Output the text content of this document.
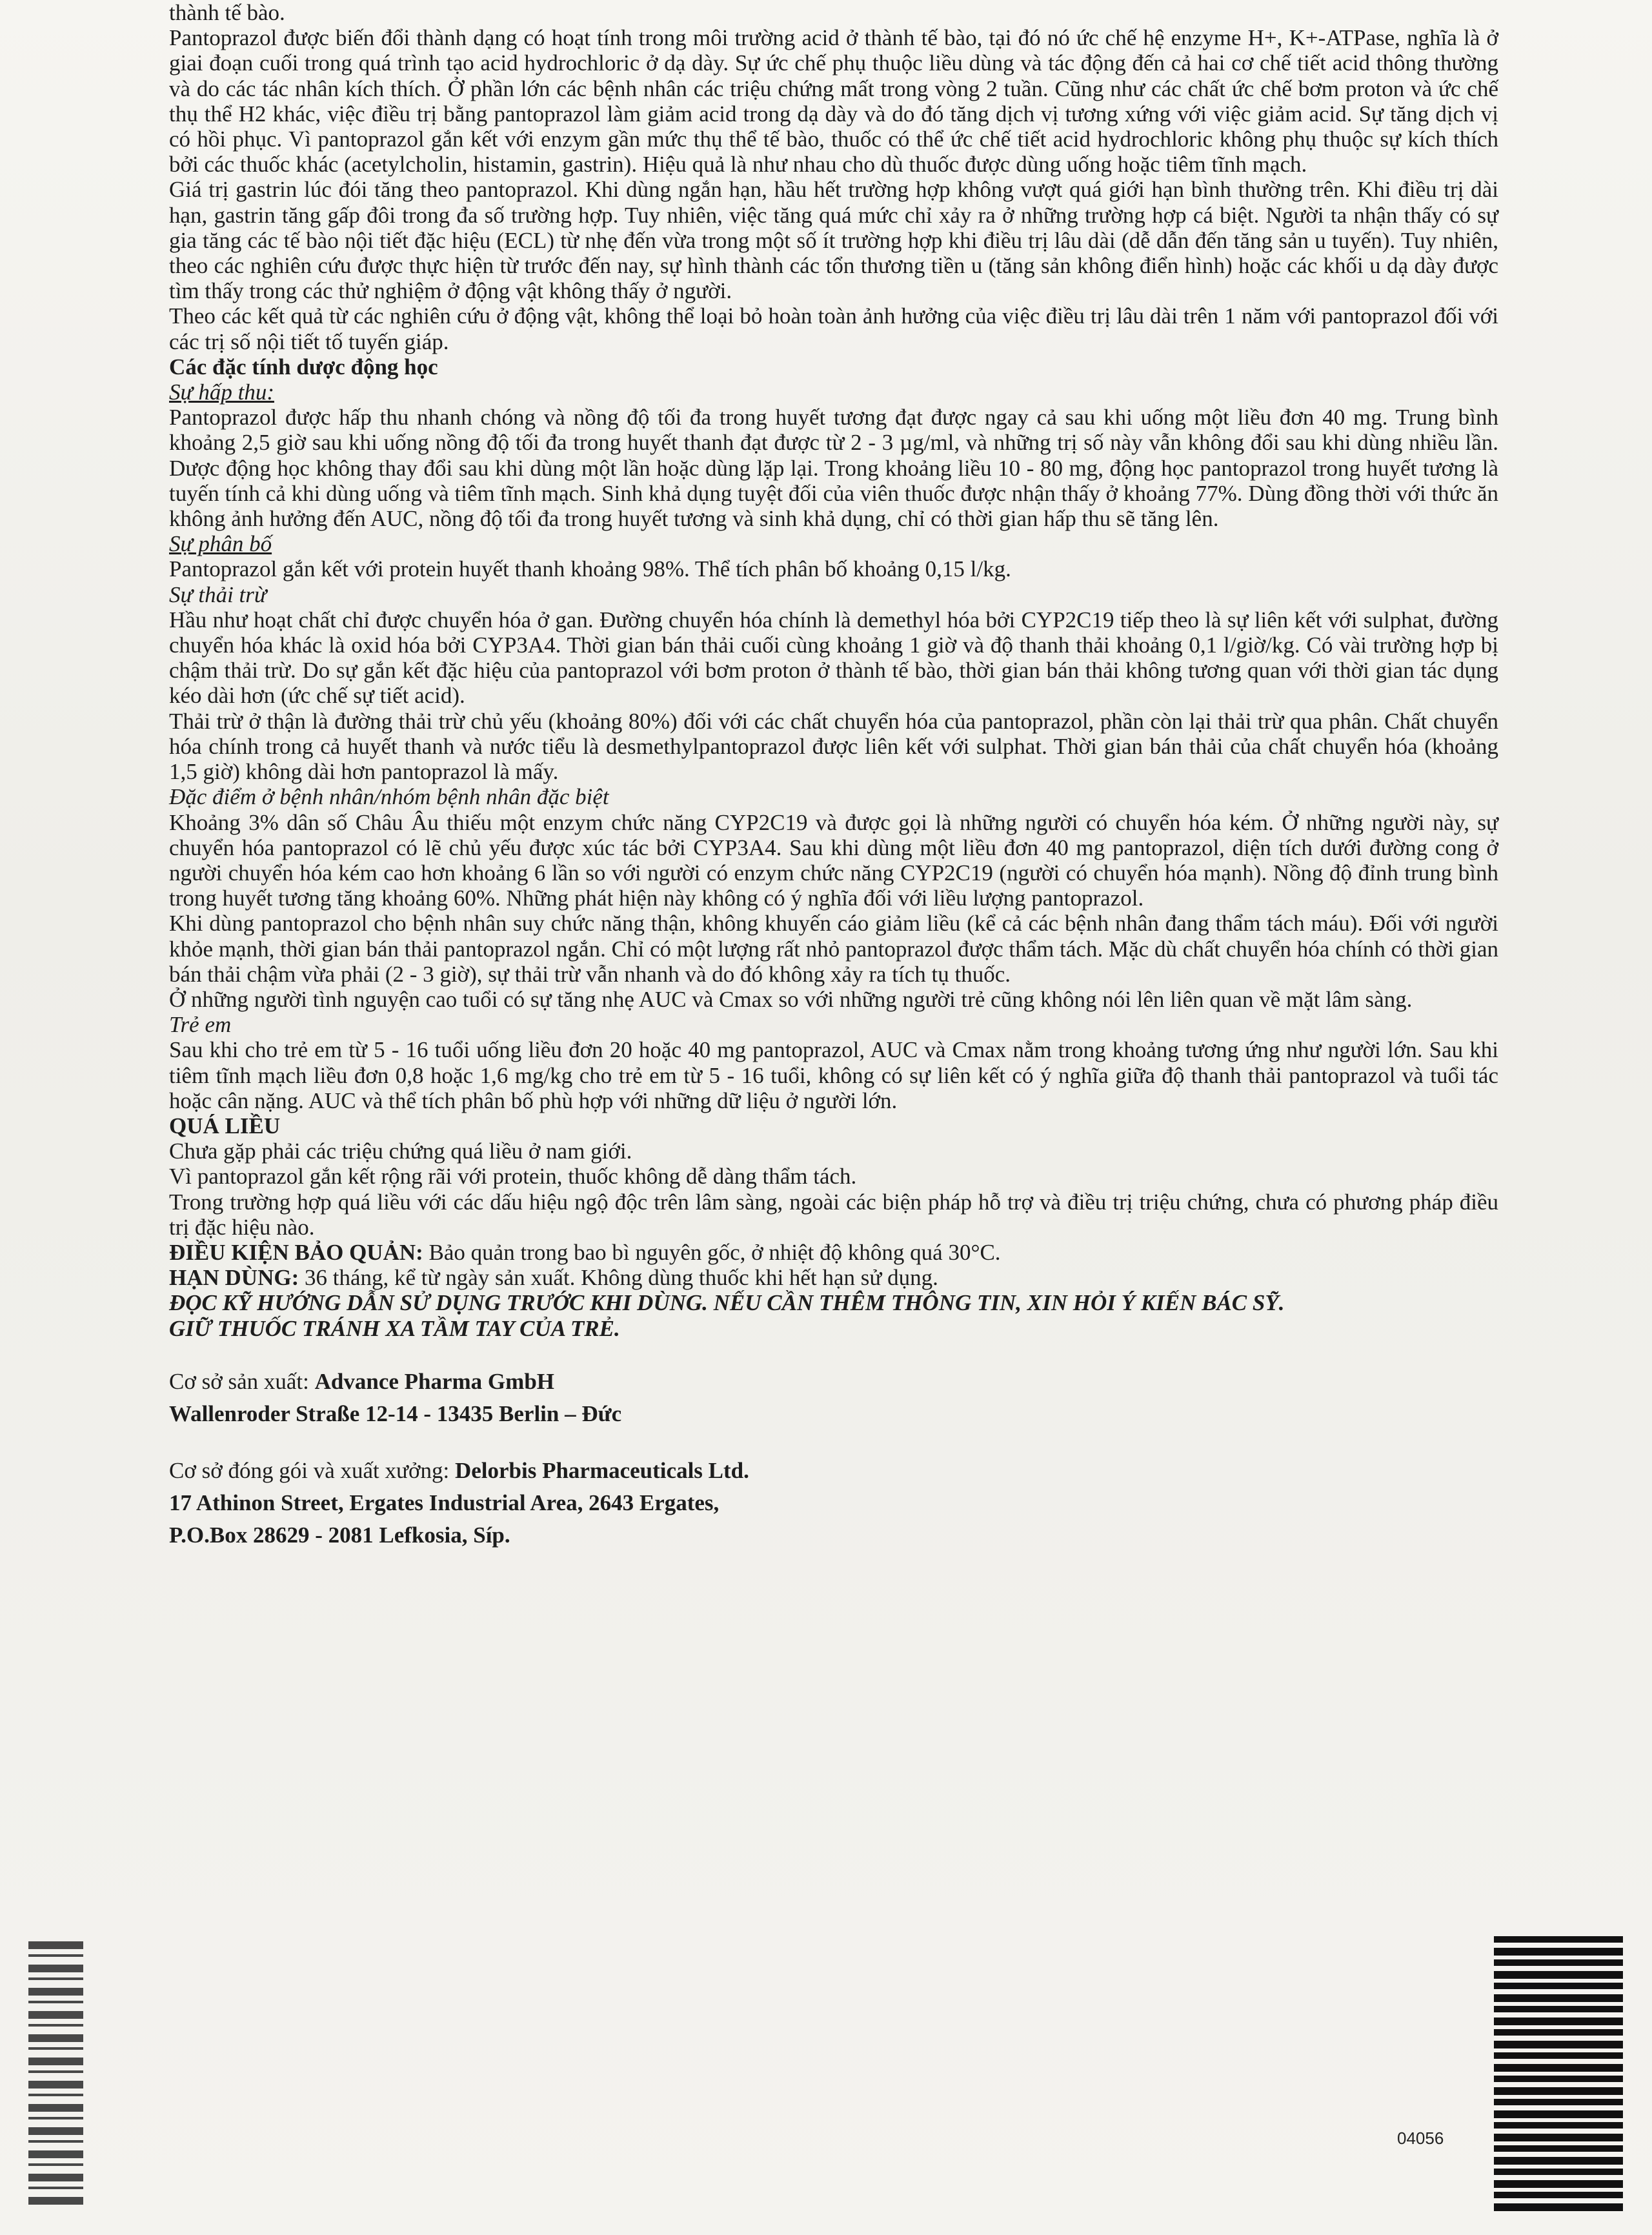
thành tế bào.

Pantoprazol được biến đổi thành dạng có hoạt tính trong môi trường acid ở thành tế bào, tại đó nó ức chế hệ enzyme H+, K+-ATPase, nghĩa là ở giai đoạn cuối trong quá trình tạo acid hydrochloric ở dạ dày. Sự ức chế phụ thuộc liều dùng và tác động đến cả hai cơ chế tiết acid thông thường và do các tác nhân kích thích. Ở phần lớn các bệnh nhân các triệu chứng mất trong vòng 2 tuần. Cũng như các chất ức chế bơm proton và ức chế thụ thể H2 khác, việc điều trị bằng pantoprazol làm giảm acid trong dạ dày và do đó tăng dịch vị tương xứng với việc giảm acid. Sự tăng dịch vị có hồi phục. Vì pantoprazol gắn kết với enzym gần mức thụ thể tế bào, thuốc có thể ức chế tiết acid hydrochloric không phụ thuộc sự kích thích bởi các thuốc khác (acetylcholin, histamin, gastrin). Hiệu quả là như nhau cho dù thuốc được dùng uống hoặc tiêm tĩnh mạch.

Giá trị gastrin lúc đói tăng theo pantoprazol. Khi dùng ngắn hạn, hầu hết trường hợp không vượt quá giới hạn bình thường trên. Khi điều trị dài hạn, gastrin tăng gấp đôi trong đa số trường hợp. Tuy nhiên, việc tăng quá mức chỉ xảy ra ở những trường hợp cá biệt. Người ta nhận thấy có sự gia tăng các tế bào nội tiết đặc hiệu (ECL) từ nhẹ đến vừa trong một số ít trường hợp khi điều trị lâu dài (dễ dẫn đến tăng sản u tuyến). Tuy nhiên, theo các nghiên cứu được thực hiện từ trước đến nay, sự hình thành các tổn thương tiền u (tăng sản không điển hình) hoặc các khối u dạ dày được tìm thấy trong các thử nghiệm ở động vật không thấy ở người.

Theo các kết quả từ các nghiên cứu ở động vật, không thể loại bỏ hoàn toàn ảnh hưởng của việc điều trị lâu dài trên 1 năm với pantoprazol đối với các trị số nội tiết tố tuyến giáp.

Các đặc tính dược động học

Sự hấp thu:

Pantoprazol được hấp thu nhanh chóng và nồng độ tối đa trong huyết tương đạt được ngay cả sau khi uống một liều đơn 40 mg. Trung bình khoảng 2,5 giờ sau khi uống nồng độ tối đa trong huyết thanh đạt được từ 2 - 3 µg/ml, và những trị số này vẫn không đổi sau khi dùng nhiều lần. Dược động học không thay đổi sau khi dùng một lần hoặc dùng lặp lại. Trong khoảng liều 10 - 80 mg, động học pantoprazol trong huyết tương là tuyến tính cả khi dùng uống và tiêm tĩnh mạch. Sinh khả dụng tuyệt đối của viên thuốc được nhận thấy ở khoảng 77%. Dùng đồng thời với thức ăn không ảnh hưởng đến AUC, nồng độ tối đa trong huyết tương và sinh khả dụng, chỉ có thời gian hấp thu sẽ tăng lên.

Sự phân bố

Pantoprazol gắn kết với protein huyết thanh khoảng 98%. Thể tích phân bố khoảng 0,15 l/kg.

Sự thải trừ

Hầu như hoạt chất chỉ được chuyển hóa ở gan. Đường chuyển hóa chính là demethyl hóa bởi CYP2C19 tiếp theo là sự liên kết với sulphat, đường chuyển hóa khác là oxid hóa bởi CYP3A4. Thời gian bán thải cuối cùng khoảng 1 giờ và độ thanh thải khoảng 0,1 l/giờ/kg. Có vài trường hợp bị chậm thải trừ. Do sự gắn kết đặc hiệu của pantoprazol với bơm proton ở thành tế bào, thời gian bán thải không tương quan với thời gian tác dụng kéo dài hơn (ức chế sự tiết acid).

Thải trừ ở thận là đường thải trừ chủ yếu (khoảng 80%) đối với các chất chuyển hóa của pantoprazol, phần còn lại thải trừ qua phân. Chất chuyển hóa chính trong cả huyết thanh và nước tiểu là desmethylpantoprazol được liên kết với sulphat. Thời gian bán thải của chất chuyển hóa (khoảng 1,5 giờ) không dài hơn pantoprazol là mấy.

Đặc điểm ở bệnh nhân/nhóm bệnh nhân đặc biệt

Khoảng 3% dân số Châu Âu thiếu một enzym chức năng CYP2C19 và được gọi là những người có chuyển hóa kém. Ở những người này, sự chuyển hóa pantoprazol có lẽ chủ yếu được xúc tác bởi CYP3A4. Sau khi dùng một liều đơn 40 mg pantoprazol, diện tích dưới đường cong ở người chuyển hóa kém cao hơn khoảng 6 lần so với người có enzym chức năng CYP2C19 (người có chuyển hóa mạnh). Nồng độ đỉnh trung bình trong huyết tương tăng khoảng 60%. Những phát hiện này không có ý nghĩa đối với liều lượng pantoprazol.

Khi dùng pantoprazol cho bệnh nhân suy chức năng thận, không khuyến cáo giảm liều (kể cả các bệnh nhân đang thẩm tách máu). Đối với người khỏe mạnh, thời gian bán thải pantoprazol ngắn. Chỉ có một lượng rất nhỏ pantoprazol được thẩm tách. Mặc dù chất chuyển hóa chính có thời gian bán thải chậm vừa phải (2 - 3 giờ), sự thải trừ vẫn nhanh và do đó không xảy ra tích tụ thuốc.

Ở những người tình nguyện cao tuổi có sự tăng nhẹ AUC và Cmax so với những người trẻ cũng không nói lên liên quan về mặt lâm sàng.

Trẻ em

Sau khi cho trẻ em từ 5 - 16 tuổi uống liều đơn 20 hoặc 40 mg pantoprazol, AUC và Cmax nằm trong khoảng tương ứng như người lớn. Sau khi tiêm tĩnh mạch liều đơn 0,8 hoặc 1,6 mg/kg cho trẻ em từ 5 - 16 tuổi, không có sự liên kết có ý nghĩa giữa độ thanh thải pantoprazol và tuổi tác hoặc cân nặng. AUC và thể tích phân bố phù hợp với những dữ liệu ở người lớn.

QUÁ LIỀU

Chưa gặp phải các triệu chứng quá liều ở nam giới.

Vì pantoprazol gắn kết rộng rãi với protein, thuốc không dễ dàng thẩm tách.

Trong trường hợp quá liều với các dấu hiệu ngộ độc trên lâm sàng, ngoài các biện pháp hỗ trợ và điều trị triệu chứng, chưa có phương pháp điều trị đặc hiệu nào.

ĐIỀU KIỆN BẢO QUẢN: Bảo quản trong bao bì nguyên gốc, ở nhiệt độ không quá 30°C.

HẠN DÙNG: 36 tháng, kể từ ngày sản xuất. Không dùng thuốc khi hết hạn sử dụng.

ĐỌC KỸ HƯỚNG DẪN SỬ DỤNG TRƯỚC KHI DÙNG. NẾU CẦN THÊM THÔNG TIN, XIN HỎI Ý KIẾN BÁC SỸ.

GIỮ THUỐC TRÁNH XA TẦM TAY CỦA TRẺ.

Cơ sở sản xuất: Advance Pharma GmbH

Wallenroder Straße 12-14 - 13435 Berlin – Đức

Cơ sở đóng gói và xuất xưởng: Delorbis Pharmaceuticals Ltd.

17 Athinon Street, Ergates Industrial Area, 2643 Ergates,

P.O.Box 28629 - 2081 Lefkosia, Síp.

04056
